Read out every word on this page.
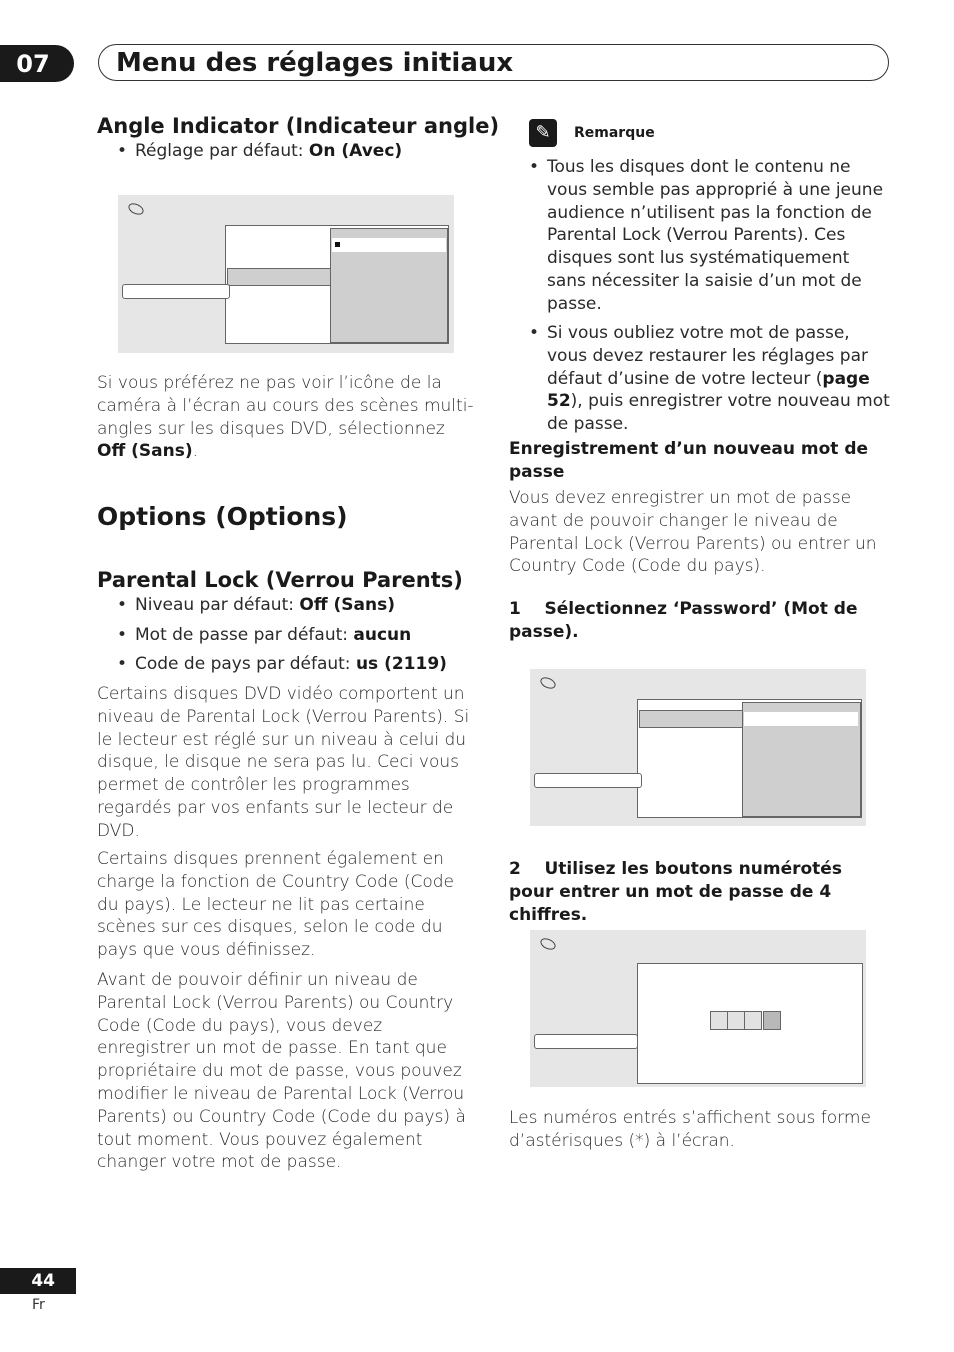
07	Menu des réglages initiaux
Angle Indicator (Indicateur angle)
• Réglage par défaut: On (Avec)
Si vous préférez ne pas voir l’icône de la caméra à l’écran au cours des scènes multi-angles sur les disques DVD, sélectionnez Off (Sans).
Options (Options)
Parental Lock (Verrou Parents)
• Niveau par défaut: Off (Sans)
• Mot de passe par défaut: aucun
• Code de pays par défaut: us (2119)
Certains disques DVD vidéo comportent un niveau de Parental Lock (Verrou Parents). Si le lecteur est réglé sur un niveau à celui du disque, le disque ne sera pas lu. Ceci vous permet de contrôler les programmes regardés par vos enfants sur le lecteur de DVD.
Certains disques prennent également en charge la fonction de Country Code (Code du pays). Le lecteur ne lit pas certaine scènes sur ces disques, selon le code du pays que vous définissez.
Avant de pouvoir définir un niveau de Parental Lock (Verrou Parents) ou Country Code (Code du pays), vous devez enregistrer un mot de passe. En tant que propriétaire du mot de passe, vous pouvez modifier le niveau de Parental Lock (Verrou Parents) ou Country Code (Code du pays) à tout moment. Vous pouvez également changer votre mot de passe.
✎	Remarque
• Tous les disques dont le contenu ne vous semble pas approprié à une jeune audience n’utilisent pas la fonction de Parental Lock (Verrou Parents). Ces disques sont lus systématiquement sans nécessiter la saisie d’un mot de passe.
• Si vous oubliez votre mot de passe, vous devez restaurer les réglages par défaut d’usine de votre lecteur (page 52), puis enregistrer votre nouveau mot de passe.
Enregistrement d’un nouveau mot de passe
Vous devez enregistrer un mot de passe avant de pouvoir changer le niveau de Parental Lock (Verrou Parents) ou entrer un Country Code (Code du pays).
1    Sélectionnez ‘Password’ (Mot de passe).
2    Utilisez les boutons numérotés pour entrer un mot de passe de 4 chiffres.
Les numéros entrés s’affichent sous forme d’astérisques (*) à l’écran.
44
Fr
